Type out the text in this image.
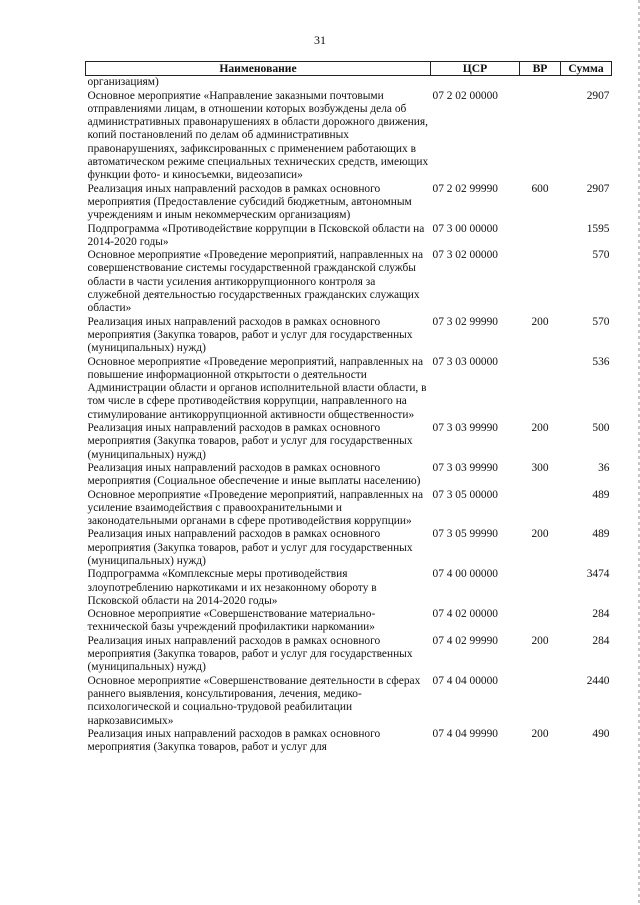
31
Наименование	ЦСР	ВР	Сумма
организациям)			
Основное мероприятие «Направление заказными почтовыми отправлениями лицам, в отношении которых возбуждены дела об административных правонарушениях в области дорожного движения, копий постановлений по делам об административных правонарушениях, зафиксированных с применением работающих в автоматическом режиме специальных технических средств, имеющих функции фото- и киносъемки, видеозаписи»	07 2 02 00000		2907
Реализация иных направлений расходов в рамках основного мероприятия (Предоставление субсидий бюджетным, автономным учреждениям и иным некоммерческим организациям)	07 2 02 99990	600	2907
Подпрограмма «Противодействие коррупции в Псковской области на 2014-2020 годы»	07 3 00 00000		1595
Основное мероприятие «Проведение мероприятий, направленных на совершенствование системы государственной гражданской службы области в части усиления антикоррупционного контроля за служебной деятельностью государственных гражданских служащих области»	07 3 02 00000		570
Реализация иных направлений расходов в рамках основного мероприятия (Закупка товаров, работ и услуг для государственных (муниципальных) нужд)	07 3 02 99990	200	570
Основное мероприятие «Проведение мероприятий, направленных на повышение информационной открытости о деятельности Администрации области и органов исполнительной власти области, в том числе в сфере противодействия коррупции, направленного на стимулирование антикоррупционной активности общественности»	07 3 03 00000		536
Реализация иных направлений расходов в рамках основного мероприятия (Закупка товаров, работ и услуг для государственных (муниципальных) нужд)	07 3 03 99990	200	500
Реализация иных направлений расходов в рамках основного мероприятия (Социальное обеспечение и иные выплаты населению)	07 3 03 99990	300	36
Основное мероприятие «Проведение мероприятий, направленных на усиление взаимодействия с правоохранительными и законодательными органами в сфере противодействия коррупции»	07 3 05 00000		489
Реализация иных направлений расходов в рамках основного мероприятия (Закупка товаров, работ и услуг для государственных (муниципальных) нужд)	07 3 05 99990	200	489
Подпрограмма «Комплексные меры противодействия злоупотреблению наркотиками и их незаконному обороту в Псковской области на 2014-2020 годы»	07 4 00 00000		3474
Основное мероприятие «Совершенствование материально-технической базы учреждений профилактики наркомании»	07 4 02 00000		284
Реализация иных направлений расходов в рамках основного мероприятия (Закупка товаров, работ и услуг для государственных (муниципальных) нужд)	07 4 02 99990	200	284
Основное мероприятие «Совершенствование деятельности в сферах раннего выявления, консультирования, лечения, медико-психологической и социально-трудовой реабилитации наркозависимых»	07 4 04 00000		2440
Реализация иных направлений расходов в рамках основного мероприятия (Закупка товаров, работ и услуг для	07 4 04 99990	200	490
